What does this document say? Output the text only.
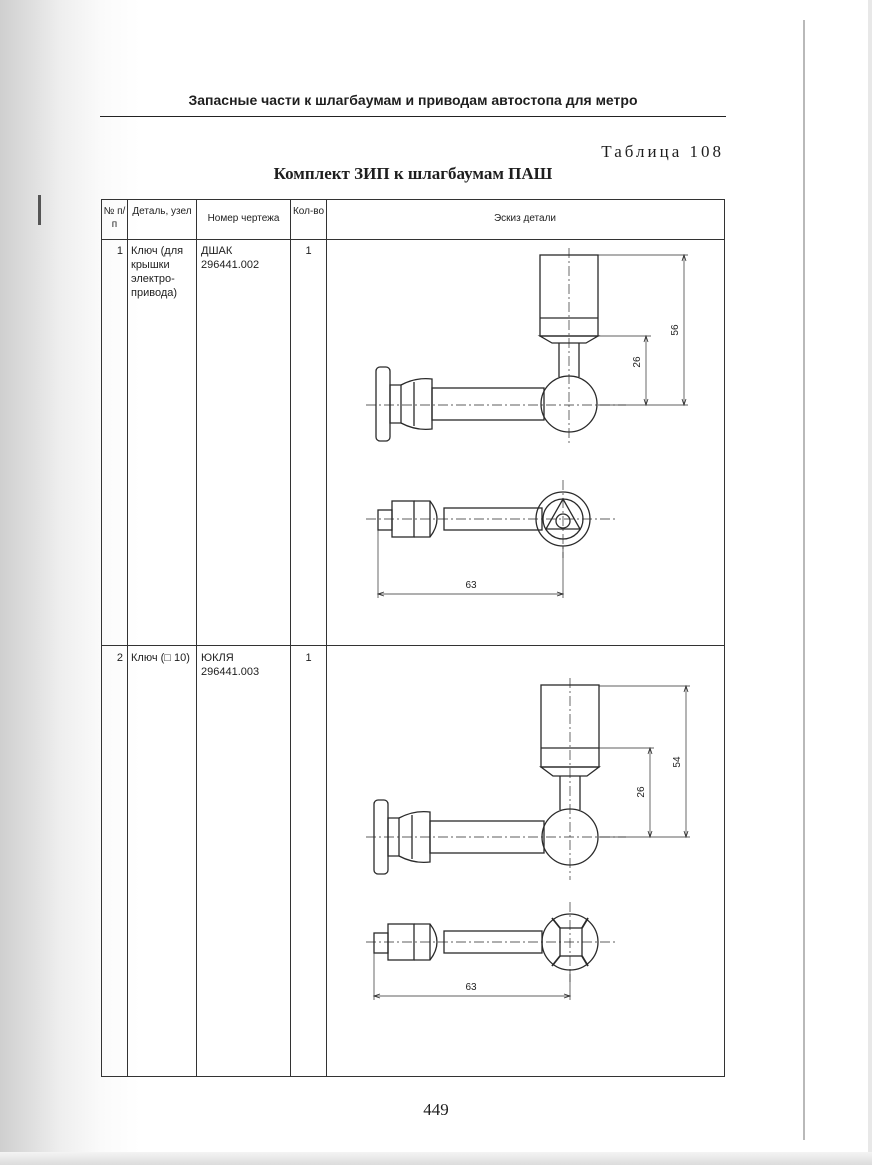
Запасные части к шлагбаумам и приводам автостопа для метро
Таблица 108
Комплект ЗИП к шлагбаумам ПАШ
№ п/п
Деталь, узел
Номер чертежа
Кол-во
Эскиз детали
1 Ключ (для крышки электро-привода)
ДШАК
296441.002
1
2 Ключ (□ 10) ЮКЛЯ
296441.003
1
56
26
63
54
26
63
449
